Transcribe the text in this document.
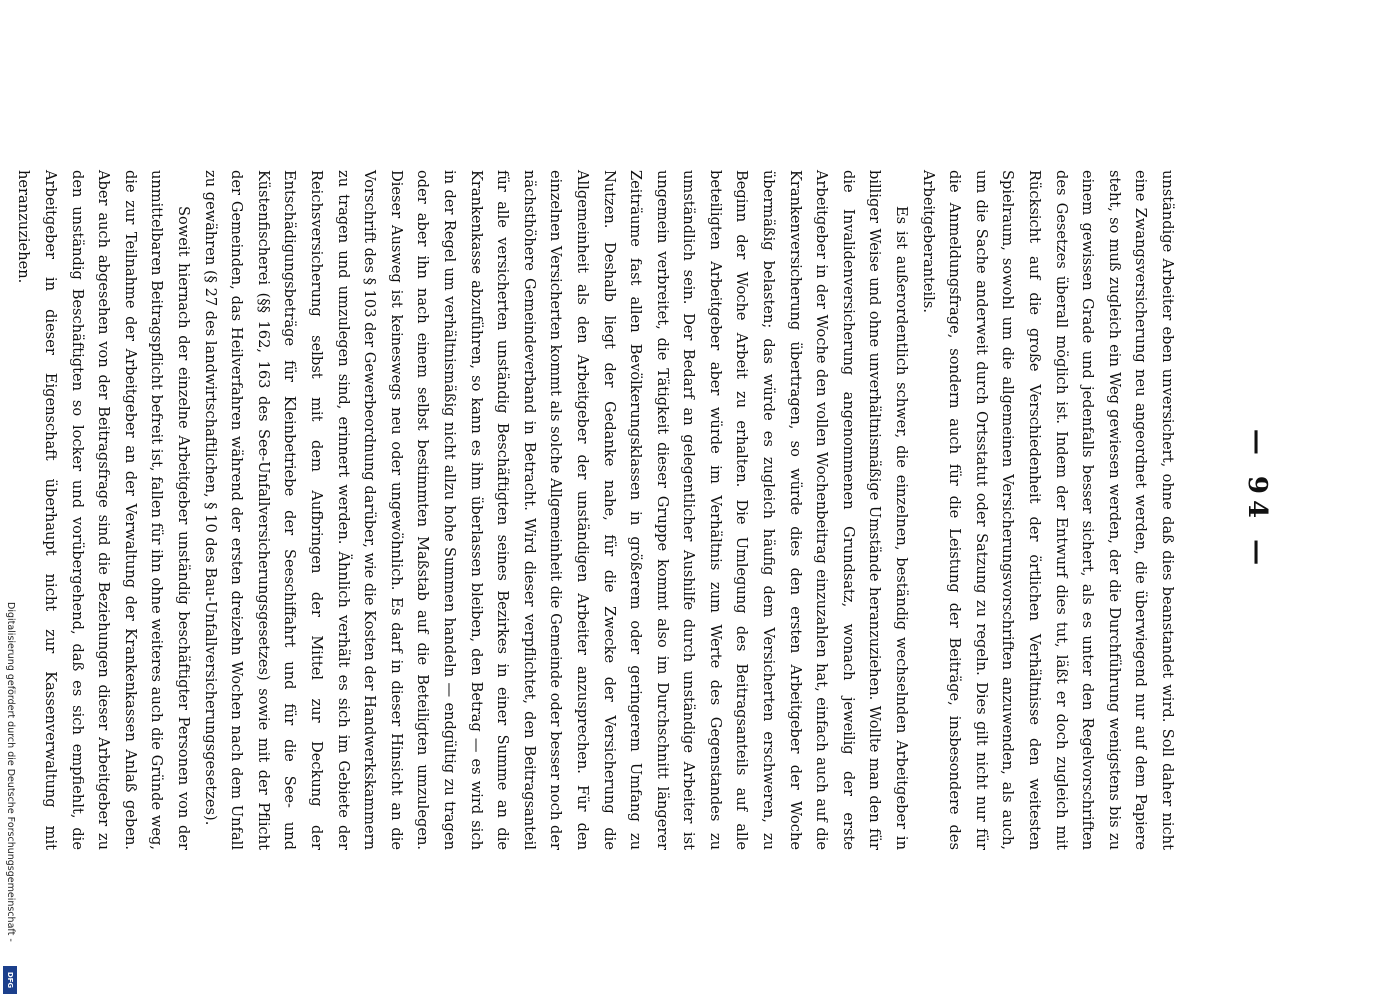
Digitalisierung gefördert durch die Deutsche Forschungsgemeinschaft -
DFG
— 94 —

unständige Arbeiter eben unversichert, ohne daß dies beanstandet wird. Soll daher nicht eine Zwangsversicherung neu angeordnet werden, die überwiegend nur auf dem Papiere steht, so muß zugleich ein Weg gewiesen werden, der die Durchführung wenigstens bis zu einem gewissen Grade und jedenfalls besser sichert, als es unter den Regelvorschriften des Gesetzes überall möglich ist. Indem der Entwurf dies tut, läßt er doch zugleich mit Rücksicht auf die große Verschiedenheit der örtlichen Verhältnisse den weitesten Spielraum, sowohl um die allgemeinen Versicherungsvorschriften anzuwenden, als auch, um die Sache anderweit durch Ortsstatut oder Satzung zu regeln. Dies gilt nicht nur für die Anmeldungsfrage, sondern auch für die Leistung der Beiträge, insbesondere des Arbeitgeberanteils.

Es ist außerordentlich schwer, die einzelnen, beständig wechselnden Arbeitgeber in billiger Weise und ohne unverhältnismäßige Umstände heranzuziehen. Wollte man den für die Invalidenversicherung angenommenen Grundsatz, wonach jeweilig der erste Arbeitgeber in der Woche den vollen Wochenbeitrag einzuzahlen hat, einfach auch auf die Krankenversicherung übertragen, so würde dies den ersten Arbeitgeber der Woche übermäßig belasten; das würde es zugleich häufig dem Versicherten erschweren, zu Beginn der Woche Arbeit zu erhalten. Die Umlegung des Beitragsanteils auf alle beteiligten Arbeitgeber aber würde im Verhältnis zum Werte des Gegenstandes zu umständlich sein. Der Bedarf an gelegentlicher Aushilfe durch unständige Arbeiter ist ungemein verbreitet, die Tätigkeit dieser Gruppe kommt also im Durchschnitt längerer Zeiträume fast allen Bevölkerungsklassen in größerem oder geringerem Umfang zu Nutzen. Deshalb liegt der Gedanke nahe, für die Zwecke der Versicherung die Allgemeinheit als den Arbeitgeber der unständigen Arbeiter anzusprechen. Für den einzelnen Versicherten kommt als solche Allgemeinheit die Gemeinde oder besser noch der nächsthöhere Gemeindeverband in Betracht. Wird dieser verpflichtet, den Beitragsanteil für alle versicherten unständig Beschäftigten seines Bezirkes in einer Summe an die Krankenkasse abzuführen, so kann es ihm überlassen bleiben, den Betrag — es wird sich in der Regel um verhältnismäßig nicht allzu hohe Summen handeln — endgültig zu tragen oder aber ihn nach einem selbst bestimmten Maßstab auf die Beteiligten umzulegen. Dieser Ausweg ist keineswegs neu oder ungewöhnlich. Es darf in dieser Hinsicht an die Vorschrift des § 103 der Gewerbeordnung darüber, wie die Kosten der Handwerkskammern zu tragen und umzulegen sind, erinnert werden. Ähnlich verhält es sich im Gebiete der Reichsversicherung selbst mit dem Aufbringen der Mittel zur Deckung der Entschädigungsbeträge für Kleinbetriebe der Seeschiffahrt und für die See- und Küstenfischerei (§§ 162, 163 des See-Unfallversicherungsgesetzes) sowie mit der Pflicht der Gemeinden, das Heilverfahren während der ersten dreizehn Wochen nach dem Unfall zu gewähren (§ 27 des landwirtschaftlichen, § 10 des Bau-Unfallversicherungsgesetzes).

Soweit hiernach der einzelne Arbeitgeber unständig beschäftigter Personen von der unmittelbaren Beitragspflicht befreit ist, fallen für ihn ohne weiteres auch die Gründe weg, die zur Teilnahme der Arbeitgeber an der Verwaltung der Krankenkassen Anlaß geben. Aber auch abgesehen von der Beitragsfrage sind die Beziehungen dieser Arbeitgeber zu den unständig Beschäftigten so locker und vorübergehend, daß es sich empfiehlt, die Arbeitgeber in dieser Eigenschaft überhaupt nicht zur Kassenverwaltung mit heranzuziehen.
